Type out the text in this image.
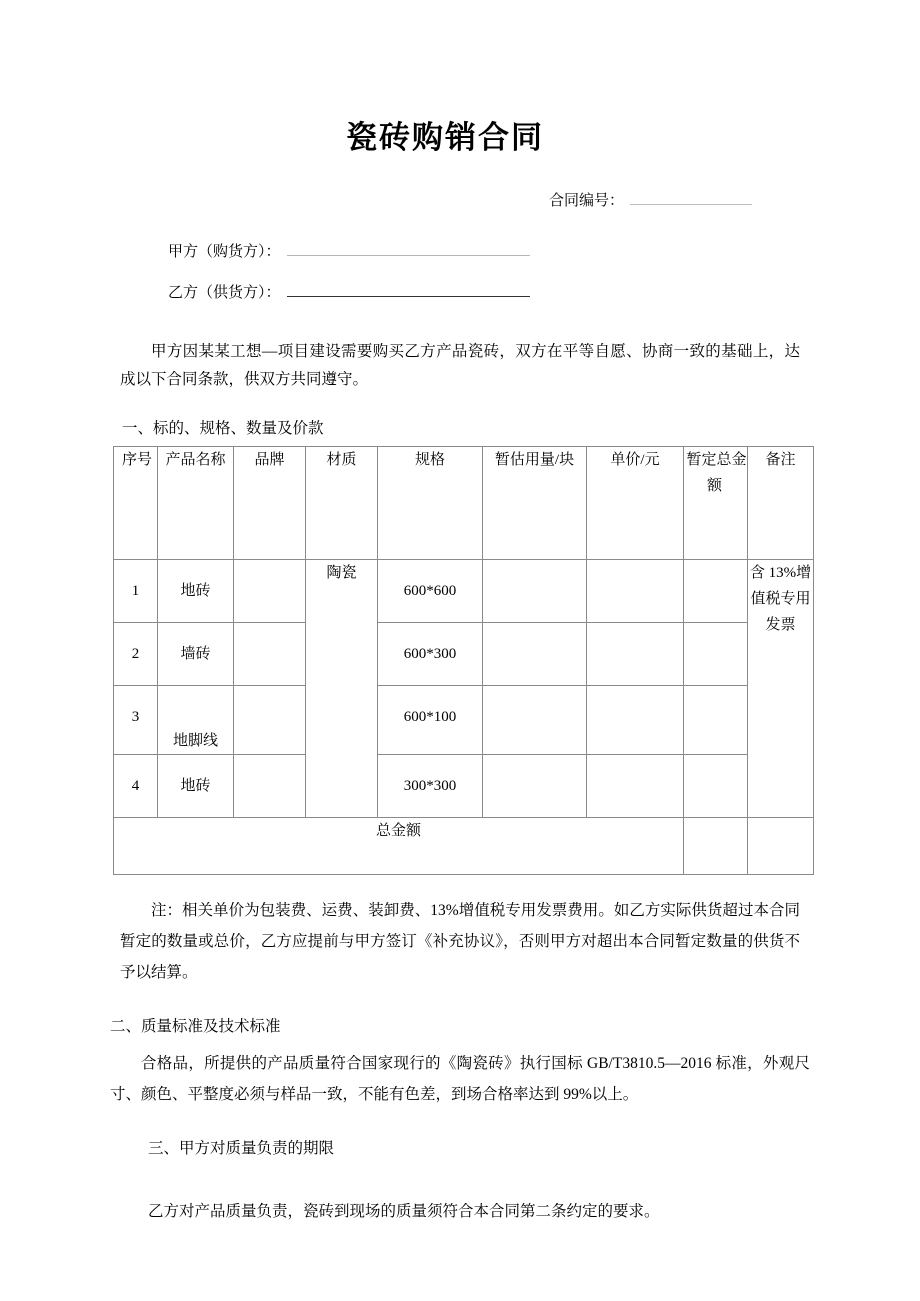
瓷砖购销合同
合同编号：
甲方（购货方）：
乙方（供货方）：

甲方因某某工想—项目建设需要购买乙方产品瓷砖，双方在平等自愿、协商一致的基础上，达成以下合同条款，供双方共同遵守。

一、标的、规格、数量及价款
序号	产品名称	品牌	材质	规格	暂估用量/块	单价/元	暂定总金额	备注

1	地砖		陶瓷	600*600				含 13%增值税专用发票

2	墙砖			600*300				

3	地脚线			600*100				

4	地砖			300*300				

总金额								

注：相关单价为包装费、运费、装卸费、13%增值税专用发票费用。如乙方实际供货超过本合同暂定的数量或总价，乙方应提前与甲方签订《补充协议》，否则甲方对超出本合同暂定数量的供货不予以结算。

二、质量标准及技术标准

合格品，所提供的产品质量符合国家现行的《陶瓷砖》执行国标 GB/T3810.5—2016 标准，外观尺寸、颜色、平整度必须与样品一致，不能有色差，到场合格率达到 99%以上。

三、甲方对质量负责的期限

乙方对产品质量负责，瓷砖到现场的质量须符合本合同第二条约定的要求。
